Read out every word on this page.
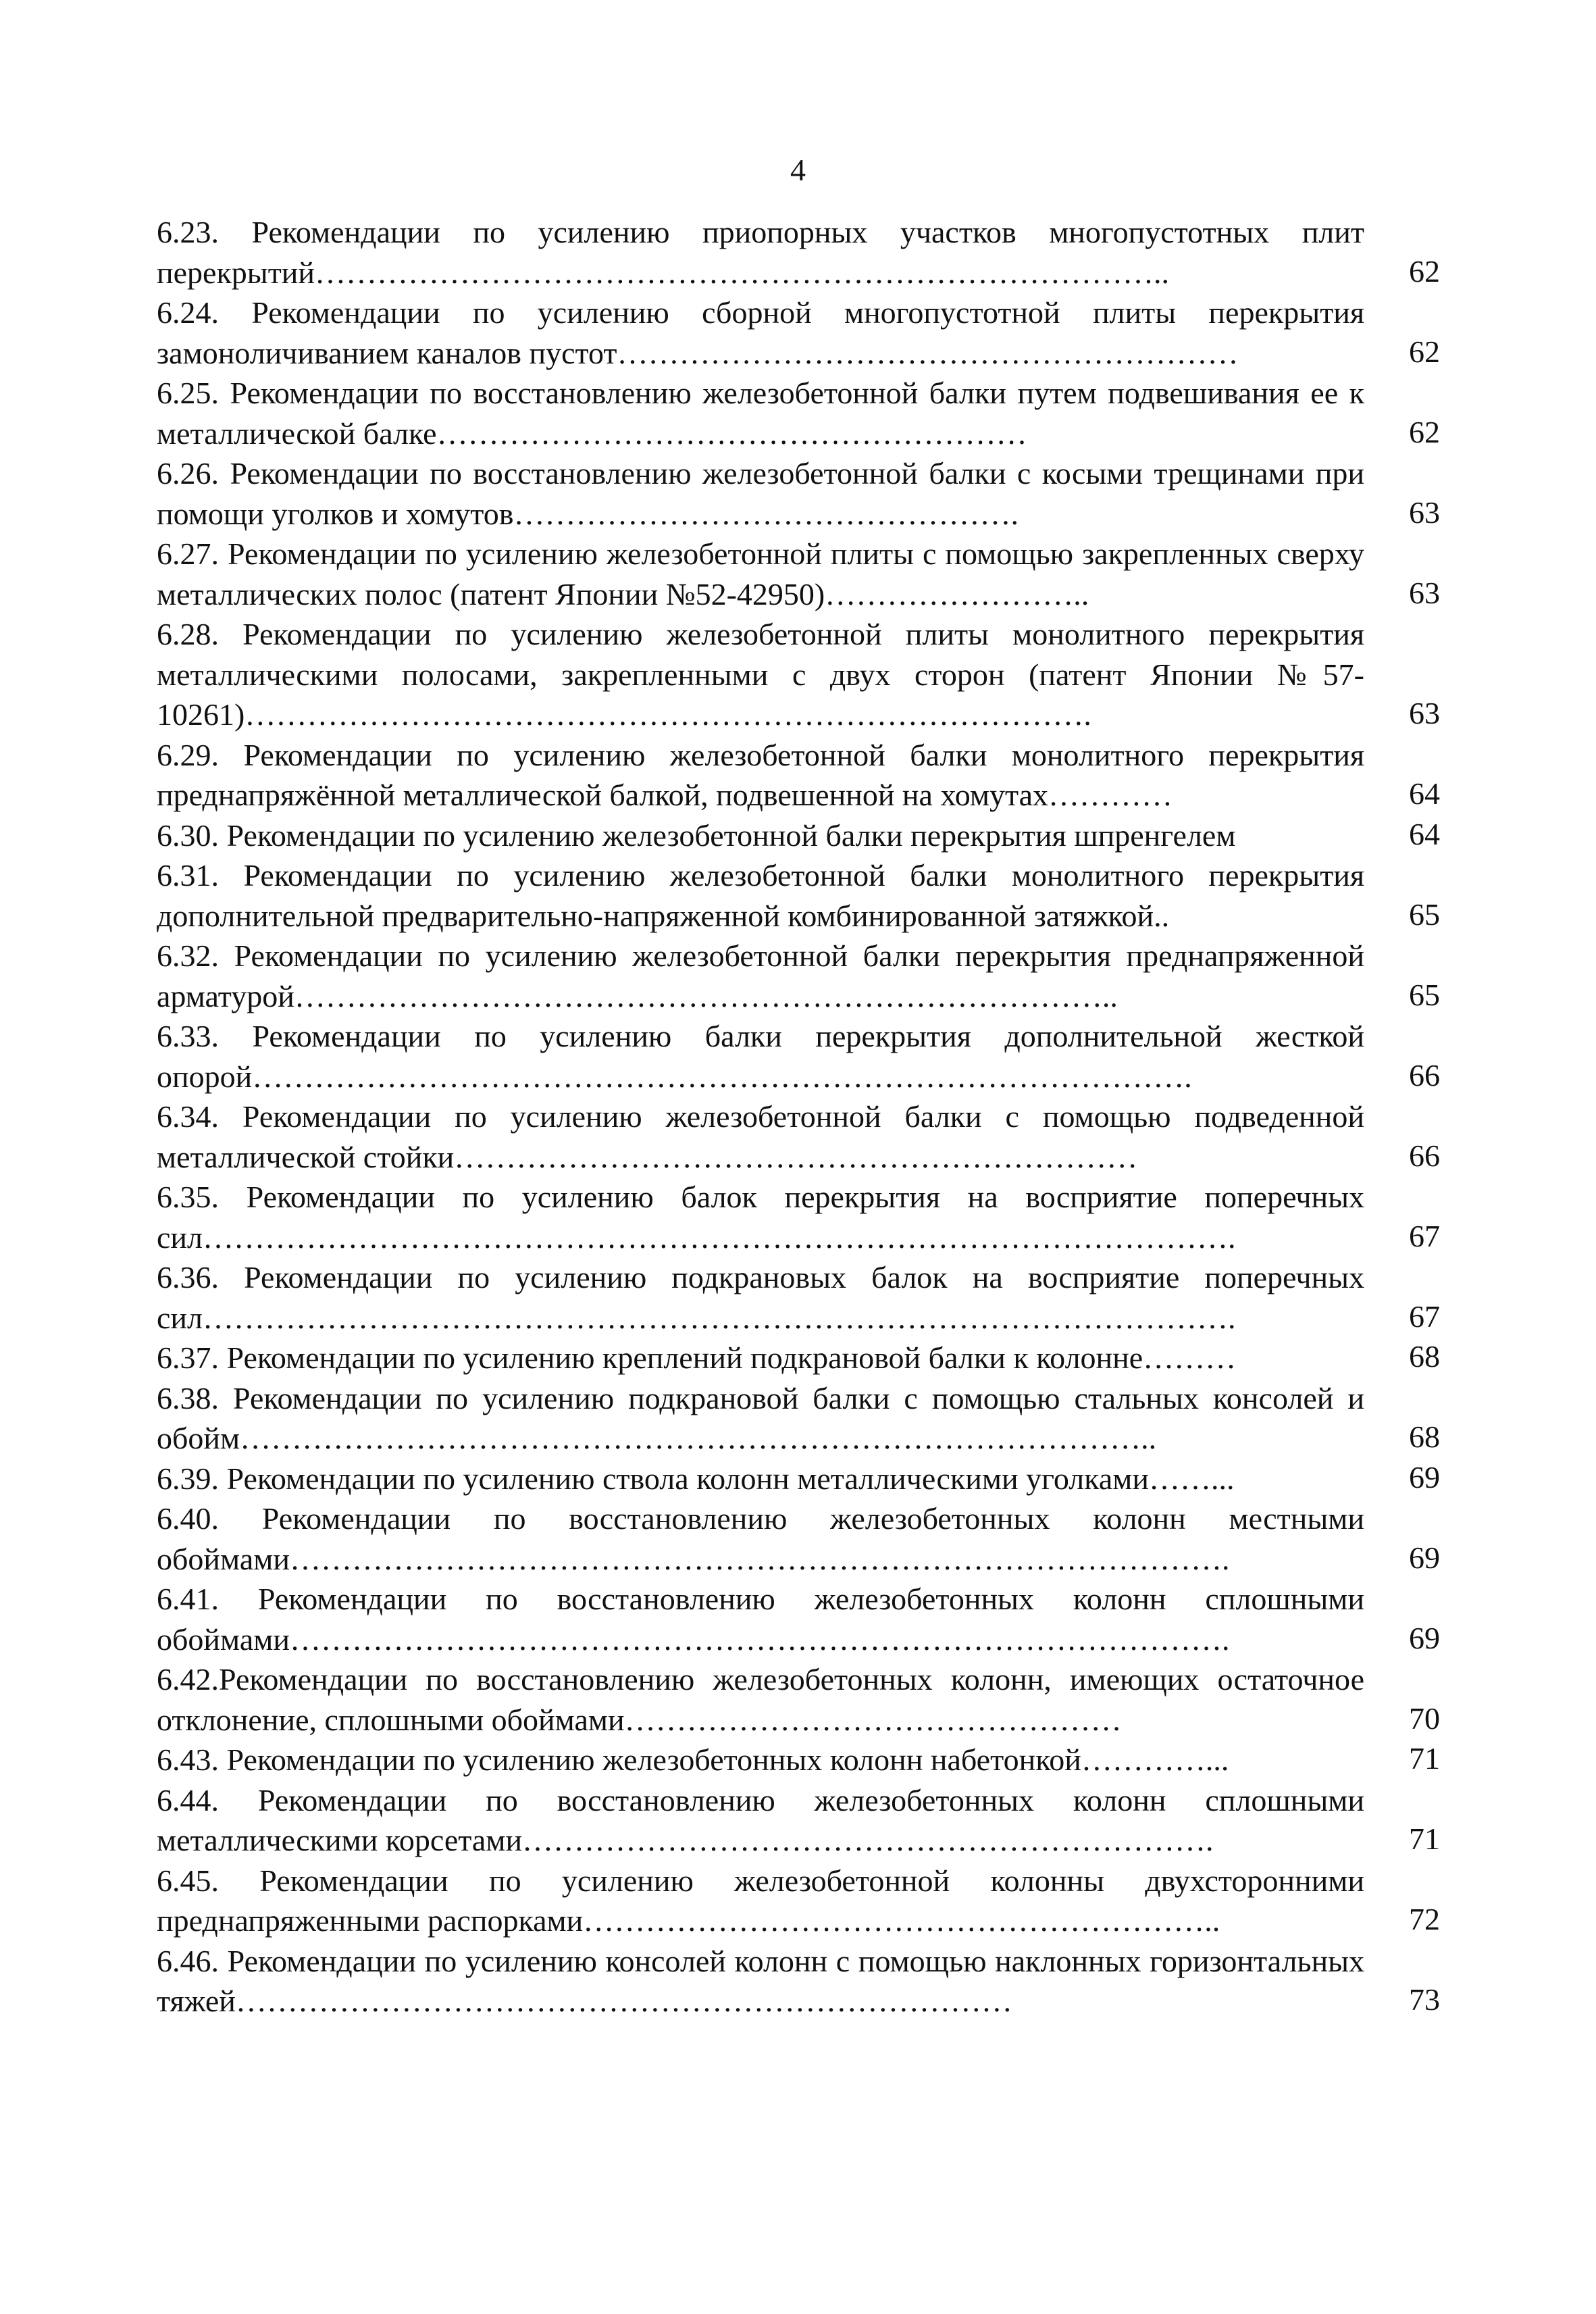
4
6.23. Рекомендации по усилению приопорных участков многопустотных плит перекрытий………………………………………………………………………..	62
6.24. Рекомендации по усилению сборной многопустотной плиты перекрытия замоноличиванием каналов пустот……………………………………………………	62
6.25. Рекомендации по восстановлению железобетонной балки путем подвешивания ее к металлической балке…………………………………………………	62
6.26. Рекомендации по восстановлению железобетонной балки с косыми трещинами при помощи уголков и хомутов………………………………………….	63
6.27. Рекомендации по усилению железобетонной плиты с помощью закрепленных сверху металлических полос (патент Японии №52-42950)……………………..	63
6.28. Рекомендации по усилению железобетонной плиты монолитного перекрытия металлическими полосами, закрепленными с двух сторон (патент Японии №57-10261)……………………………………………………………………….	63
6.29. Рекомендации по усилению железобетонной балки монолитного перекрытия преднапряжённой металлической балкой, подвешенной на хомутах…………	64
6.30. Рекомендации по усилению железобетонной балки перекрытия шпренгелем	64
6.31. Рекомендации по усилению железобетонной балки монолитного перекрытия дополнительной предварительно-напряженной комбинированной затяжкой..	65
6.32. Рекомендации по усилению железобетонной балки перекрытия преднапряженной арматурой……………………………………………………………………..	65
6.33. Рекомендации по усилению балки перекрытия дополнительной жесткой опорой……………………………………………………………………………….	66
6.34. Рекомендации по усилению железобетонной балки с помощью подведенной металлической стойки…………………………………………………………	66
6.35. Рекомендации по усилению балок перекрытия на восприятие поперечных сил……………………………………………………………………………………….	67
6.36. Рекомендации по усилению подкрановых балок на восприятие поперечных сил……………………………………………………………………………………….	67
6.37. Рекомендации по усилению креплений подкрановой балки к колонне………	68
6.38. Рекомендации по усилению подкрановой балки с помощью стальных консолей и обойм……………………………………………………………………………..	68
6.39. Рекомендации по усилению ствола колонн металлическими уголками……...	69
6.40. Рекомендации по восстановлению железобетонных колонн местными обоймами……………………………………………………………………………….	69
6.41. Рекомендации по восстановлению железобетонных колонн сплошными обоймами……………………………………………………………………………….	69
6.42.Рекомендации по восстановлению железобетонных колонн, имеющих остаточное отклонение, сплошными обоймами…………………………………………	70
6.43. Рекомендации по усилению железобетонных колонн набетонкой…………...	71
6.44. Рекомендации по восстановлению железобетонных колонн сплошными металлическими корсетами………………………………………………………….	71
6.45. Рекомендации по усилению железобетонной колонны двухсторонними преднапряженными распорками……………………………………………………..	72
6.46. Рекомендации по усилению консолей колонн с помощью наклонных горизонтальных тяжей…………………………………………………………………	73
